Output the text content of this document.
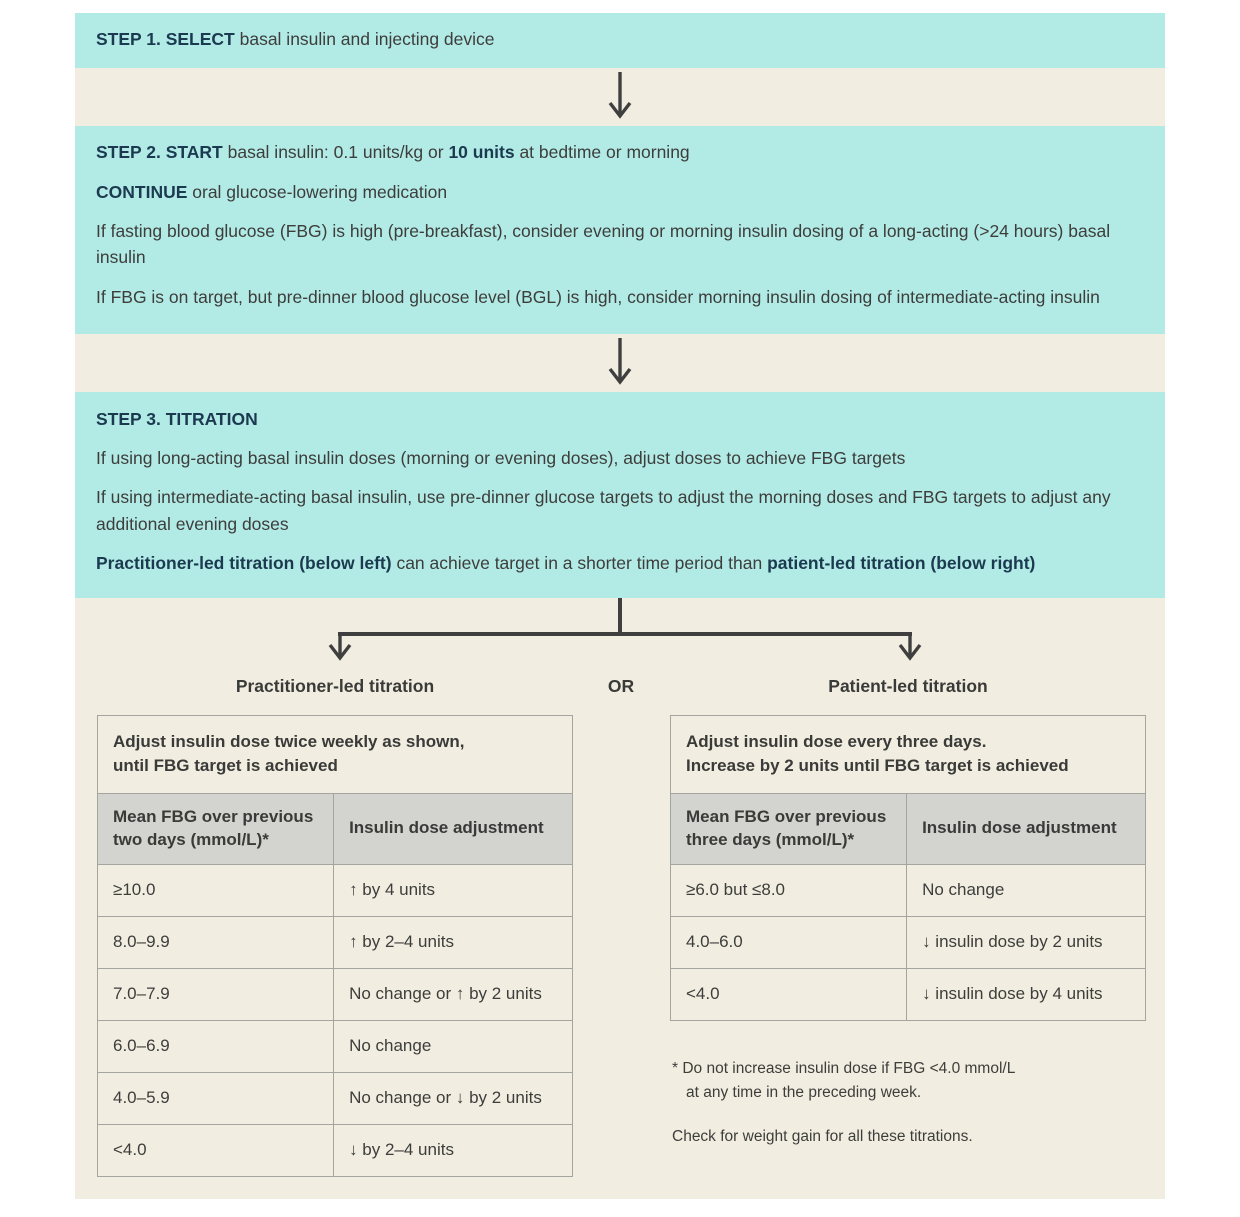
STEP 1. SELECT basal insulin and injecting device
STEP 2. START basal insulin: 0.1 units/kg or 10 units at bedtime or morning
CONTINUE oral glucose-lowering medication
If fasting blood glucose (FBG) is high (pre-breakfast), consider evening or morning insulin dosing of a long-acting (>24 hours) basal insulin
If FBG is on target, but pre-dinner blood glucose level (BGL) is high, consider morning insulin dosing of intermediate-acting insulin
STEP 3. TITRATION
If using long-acting basal insulin doses (morning or evening doses), adjust doses to achieve FBG targets
If using intermediate-acting basal insulin, use pre-dinner glucose targets to adjust the morning doses and FBG targets to adjust any additional evening doses
Practitioner-led titration (below left) can achieve target in a shorter time period than patient-led titration (below right)
Practitioner-led titration	OR	Patient-led titration
Adjust insulin dose twice weekly as shown,
until FBG target is achieved	

Mean FBG over previous two days (mmol/L)*	Insulin dose adjustment
≥10.0	↑ by 4 units
8.0–9.9	↑ by 2–4 units
7.0–7.9	No change or ↑ by 2 units
6.0–6.9	No change
4.0–5.9	No change or ↓ by 2 units
<4.0	↓ by 2–4 units
Adjust insulin dose every three days.
Increase by 2 units until FBG target is achieved	

Mean FBG over previous three days (mmol/L)*	Insulin dose adjustment
≥6.0 but ≤8.0	No change
4.0–6.0	↓ insulin dose by 2 units
<4.0	↓ insulin dose by 4 units
* Do not increase insulin dose if FBG <4.0 mmol/L
at any time in the preceding week.
Check for weight gain for all these titrations.
